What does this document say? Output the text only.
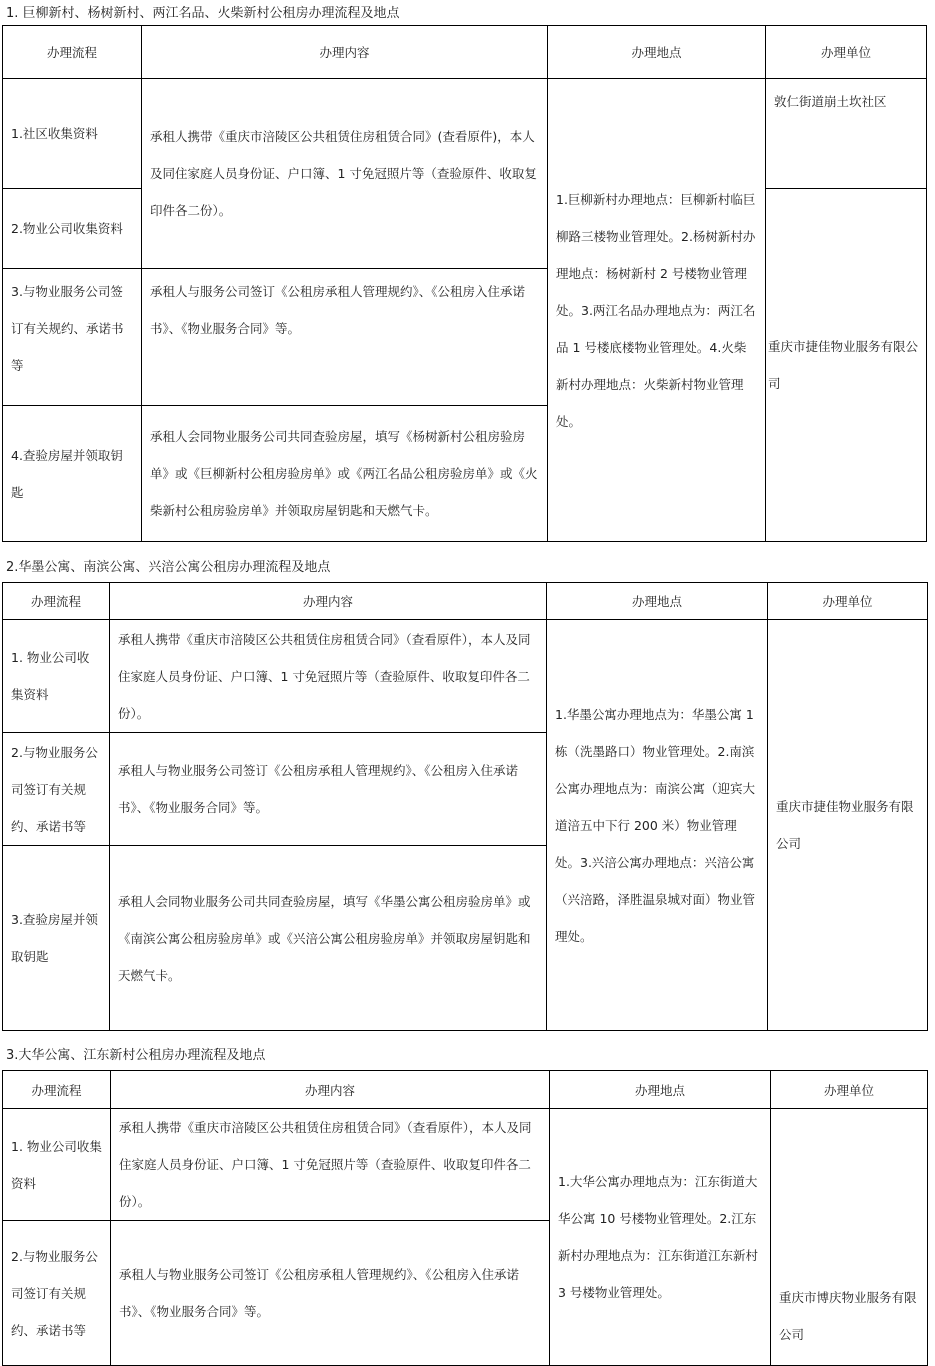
1. 巨柳新村、杨树新村、两江名品、火柴新村公租房办理流程及地点
办理流程	办理内容	办理地点	办理单位
1.社区收集资料	承租人携带《重庆市涪陵区公共租赁住房租赁合同》(查看原件)，本人及同住家庭人员身份证、户口簿、1 寸免冠照片等（查验原件、收取复印件各二份）。	1.巨柳新村办理地点：巨柳新村临巨柳路三楼物业管理处。2.杨树新村办理地点：杨树新村 2 号楼物业管理处。3.两江名品办理地点为：两江名品 1 号楼底楼物业管理处。4.火柴新村办理地点：火柴新村物业管理处。	敦仁街道崩土坎社区
2.物业公司收集资料			重庆市捷佳物业服务有限公司
3.与物业服务公司签订有关规约、承诺书等	承租人与服务公司签订《公租房承租人管理规约》、《公租房入住承诺书》、《物业服务合同》等。		
4.查验房屋并领取钥匙	承租人会同物业服务公司共同查验房屋，填写《杨树新村公租房验房单》或《巨柳新村公租房验房单》或《两江名品公租房验房单》或《火柴新村公租房验房单》并领取房屋钥匙和天燃气卡。		
2.华墨公寓、南滨公寓、兴涪公寓公租房办理流程及地点
办理流程	办理内容	办理地点	办理单位
1. 物业公司收集资料	承租人携带《重庆市涪陵区公共租赁住房租赁合同》（查看原件），本人及同住家庭人员身份证、户口簿、1 寸免冠照片等（查验原件、收取复印件各二份）。	1.华墨公寓办理地点为：华墨公寓 1 栋（洗墨路口）物业管理处。2.南滨公寓办理地点为：南滨公寓（迎宾大道涪五中下行 200 米）物业管理处。3.兴涪公寓办理地点：兴涪公寓（兴涪路，泽胜温泉城对面）物业管理处。	重庆市捷佳物业服务有限公司
2.与物业服务公司签订有关规约、承诺书等	承租人与物业服务公司签订《公租房承租人管理规约》、《公租房入住承诺书》、《物业服务合同》等。		
3.查验房屋并领取钥匙	承租人会同物业服务公司共同查验房屋，填写《华墨公寓公租房验房单》或《南滨公寓公租房验房单》或《兴涪公寓公租房验房单》并领取房屋钥匙和天燃气卡。		
3.大华公寓、江东新村公租房办理流程及地点
办理流程	办理内容	办理地点	办理单位
1. 物业公司收集资料	承租人携带《重庆市涪陵区公共租赁住房租赁合同》（查看原件），本人及同住家庭人员身份证、户口簿、1 寸免冠照片等（查验原件、收取复印件各二份）。	1.大华公寓办理地点为：江东街道大华公寓 10 号楼物业管理处。2.江东新村办理地点为：江东街道江东新村 3 号楼物业管理处。	重庆市博庆物业服务有限公司
2.与物业服务公司签订有关规约、承诺书等	承租人与物业服务公司签订《公租房承租人管理规约》、《公租房入住承诺书》、《物业服务合同》等。		
